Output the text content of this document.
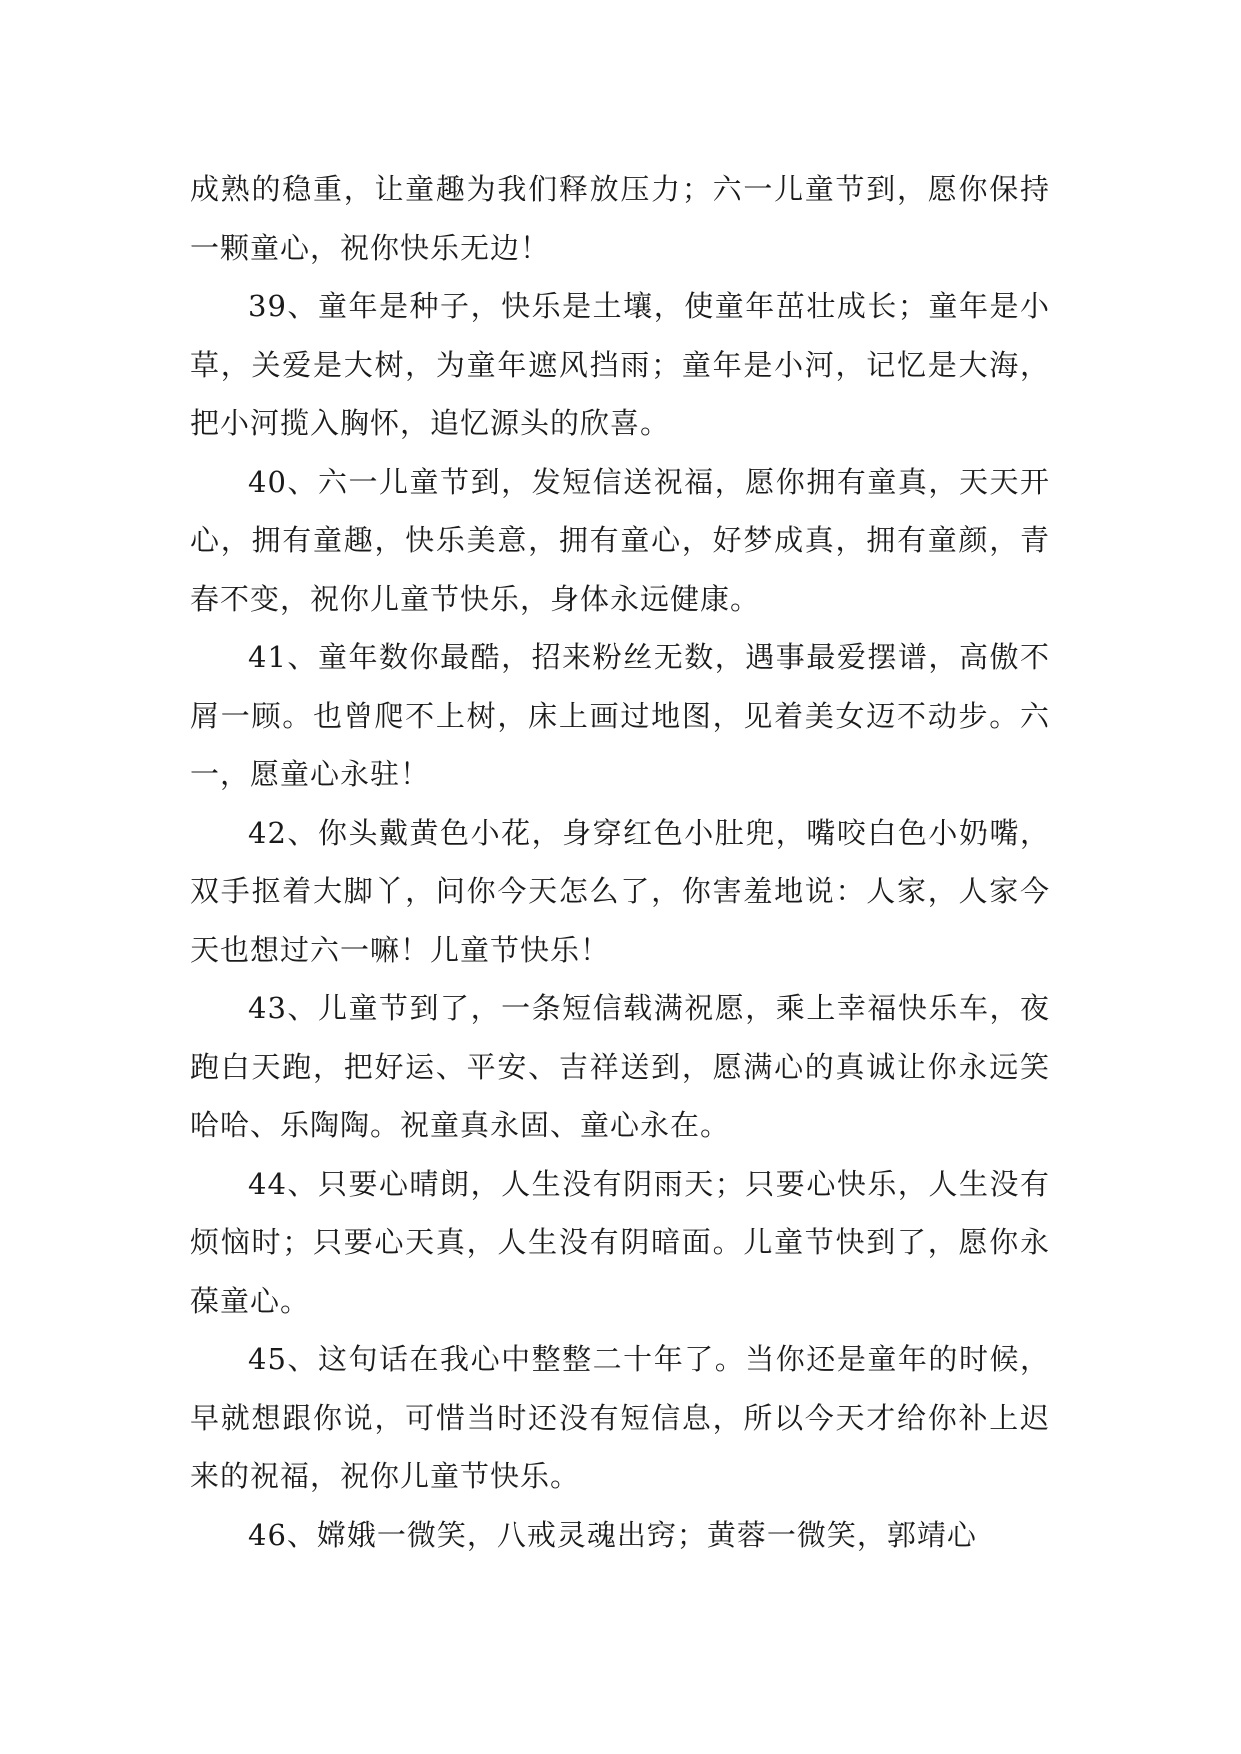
成熟的稳重，让童趣为我们释放压力；六一儿童节到，愿你保持一颗童心，祝你快乐无边！

39、童年是种子，快乐是土壤，使童年茁壮成长；童年是小草，关爱是大树，为童年遮风挡雨；童年是小河，记忆是大海，把小河揽入胸怀，追忆源头的欣喜。

40、六一儿童节到，发短信送祝福，愿你拥有童真，天天开心，拥有童趣，快乐美意，拥有童心，好梦成真，拥有童颜，青春不变，祝你儿童节快乐，身体永远健康。

41、童年数你最酷，招来粉丝无数，遇事最爱摆谱，高傲不屑一顾。也曾爬不上树，床上画过地图，见着美女迈不动步。六一，愿童心永驻！

42、你头戴黄色小花，身穿红色小肚兜，嘴咬白色小奶嘴，双手抠着大脚丫，问你今天怎么了，你害羞地说：人家，人家今天也想过六一嘛！儿童节快乐！

43、儿童节到了，一条短信载满祝愿，乘上幸福快乐车，夜跑白天跑，把好运、平安、吉祥送到，愿满心的真诚让你永远笑哈哈、乐陶陶。祝童真永固、童心永在。

44、只要心晴朗，人生没有阴雨天；只要心快乐，人生没有烦恼时；只要心天真，人生没有阴暗面。儿童节快到了，愿你永葆童心。

45、这句话在我心中整整二十年了。当你还是童年的时候，早就想跟你说，可惜当时还没有短信息，所以今天才给你补上迟来的祝福，祝你儿童节快乐。

46、嫦娥一微笑，八戒灵魂出窍；黄蓉一微笑，郭靖心
